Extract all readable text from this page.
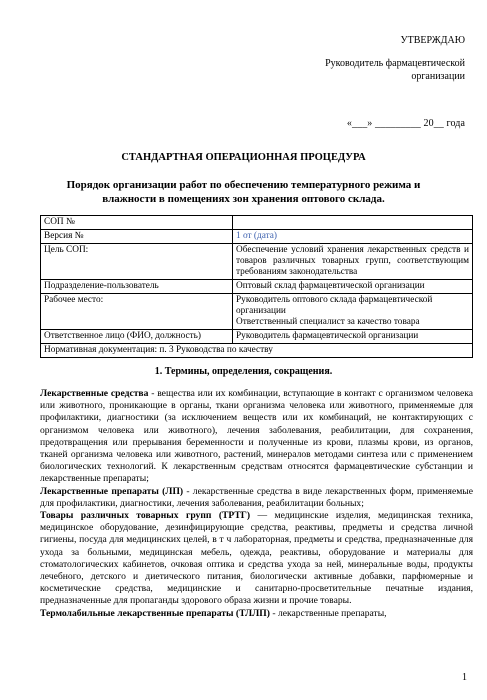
УТВЕРЖДАЮ
Руководитель фармацевтической
организации
«___» _________ 20__ года
СТАНДАРТНАЯ ОПЕРАЦИОННАЯ ПРОЦЕДУРА
Порядок организации работ по обеспечению температурного режима и влажности в помещениях зон хранения оптового склада.
СОП №	
Версия №	1 от (дата)
Цель СОП:	Обеспечение условий хранения лекарственных средств и товаров различных товарных групп, соответствующим требованиям законодательства
Подразделение-пользователь	Оптовый склад фармацевтической организации
Рабочее место:	Руководитель оптового склада фармацевтической организации
Ответственный специалист за качество товара

Ответственное лицо (ФИО, должность)	Руководитель фармацевтической организации
Нормативная документация: п. 3 Руководства по качеству	
1. Термины, определения, сокращения.

Лекарственные средства - вещества или их комбинации, вступающие в контакт с организмом человека или животного, проникающие в органы, ткани организма человека или животного, применяемые для профилактики, диагностики (за исключением веществ или их комбинаций, не контактирующих с организмом человека или животного), лечения заболевания, реабилитации, для сохранения, предотвращения или прерывания беременности и полученные из крови, плазмы крови, из органов, тканей организма человека или животного, растений, минералов методами синтеза или с применением биологических технологий. К лекарственным средствам относятся фармацевтические субстанции и лекарственные препараты;

Лекарственные препараты (ЛП) - лекарственные средства в виде лекарственных форм, применяемые для профилактики, диагностики, лечения заболевания, реабилитации больных;

Товары различных товарных групп (ТРТГ) — медицинские изделия, медицинская техника, медицинское оборудование, дезинфицирующие средства, реактивы, предметы и средства личной гигиены, посуда для медицинских целей, в т ч лабораторная, предметы и средства, предназначенные для ухода за больными, медицинская мебель, одежда, реактивы, оборудование и материалы для стоматологических кабинетов, очковая оптика и средства ухода за ней, минеральные воды, продукты лечебного, детского и диетического питания, биологически активные добавки, парфюмерные и косметические средства, медицинские и санитарно-просветительные печатные издания, предназначенные для пропаганды здорового образа жизни и прочие товары.

Термолабильные лекарственные препараты (ТЛЛП) - лекарственные препараты,

1
